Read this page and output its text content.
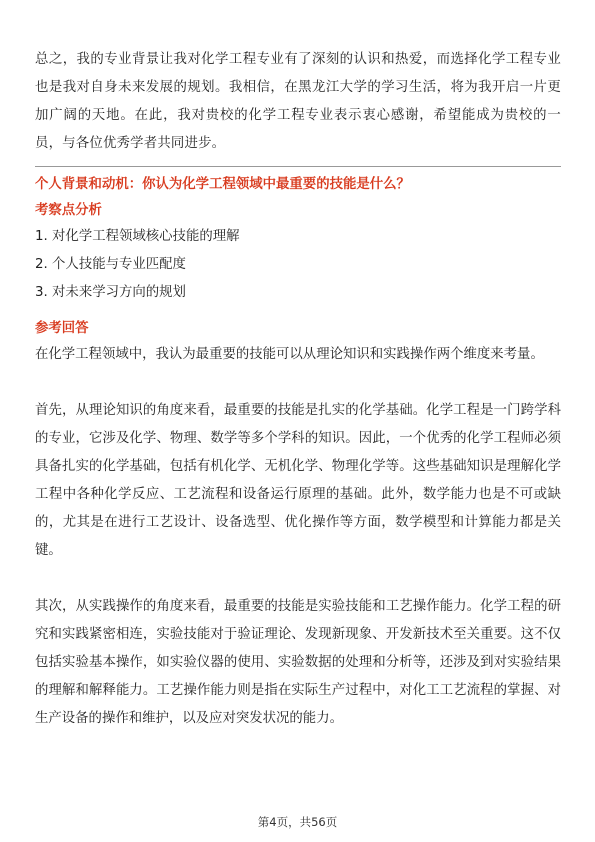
总之，我的专业背景让我对化学工程专业有了深刻的认识和热爱，而选择化学工程专业也是我对自身未来发展的规划。我相信，在黑龙江大学的学习生活，将为我开启一片更加广阔的天地。在此，我对贵校的化学工程专业表示衷心感谢，希望能成为贵校的一员，与各位优秀学者共同进步。

个人背景和动机：你认为化学工程领域中最重要的技能是什么？

考察点分析

1. 对化学工程领域核心技能的理解
2. 个人技能与专业匹配度
3. 对未来学习方向的规划

参考回答

在化学工程领域中，我认为最重要的技能可以从理论知识和实践操作两个维度来考量。

首先，从理论知识的角度来看，最重要的技能是扎实的化学基础。化学工程是一门跨学科的专业，它涉及化学、物理、数学等多个学科的知识。因此，一个优秀的化学工程师必须具备扎实的化学基础，包括有机化学、无机化学、物理化学等。这些基础知识是理解化学工程中各种化学反应、工艺流程和设备运行原理的基础。此外，数学能力也是不可或缺的，尤其是在进行工艺设计、设备选型、优化操作等方面，数学模型和计算能力都是关键。

其次，从实践操作的角度来看，最重要的技能是实验技能和工艺操作能力。化学工程的研究和实践紧密相连，实验技能对于验证理论、发现新现象、开发新技术至关重要。这不仅包括实验基本操作，如实验仪器的使用、实验数据的处理和分析等，还涉及到对实验结果的理解和解释能力。工艺操作能力则是指在实际生产过程中，对化工工艺流程的掌握、对生产设备的操作和维护，以及应对突发状况的能力。

第4页，共56页
